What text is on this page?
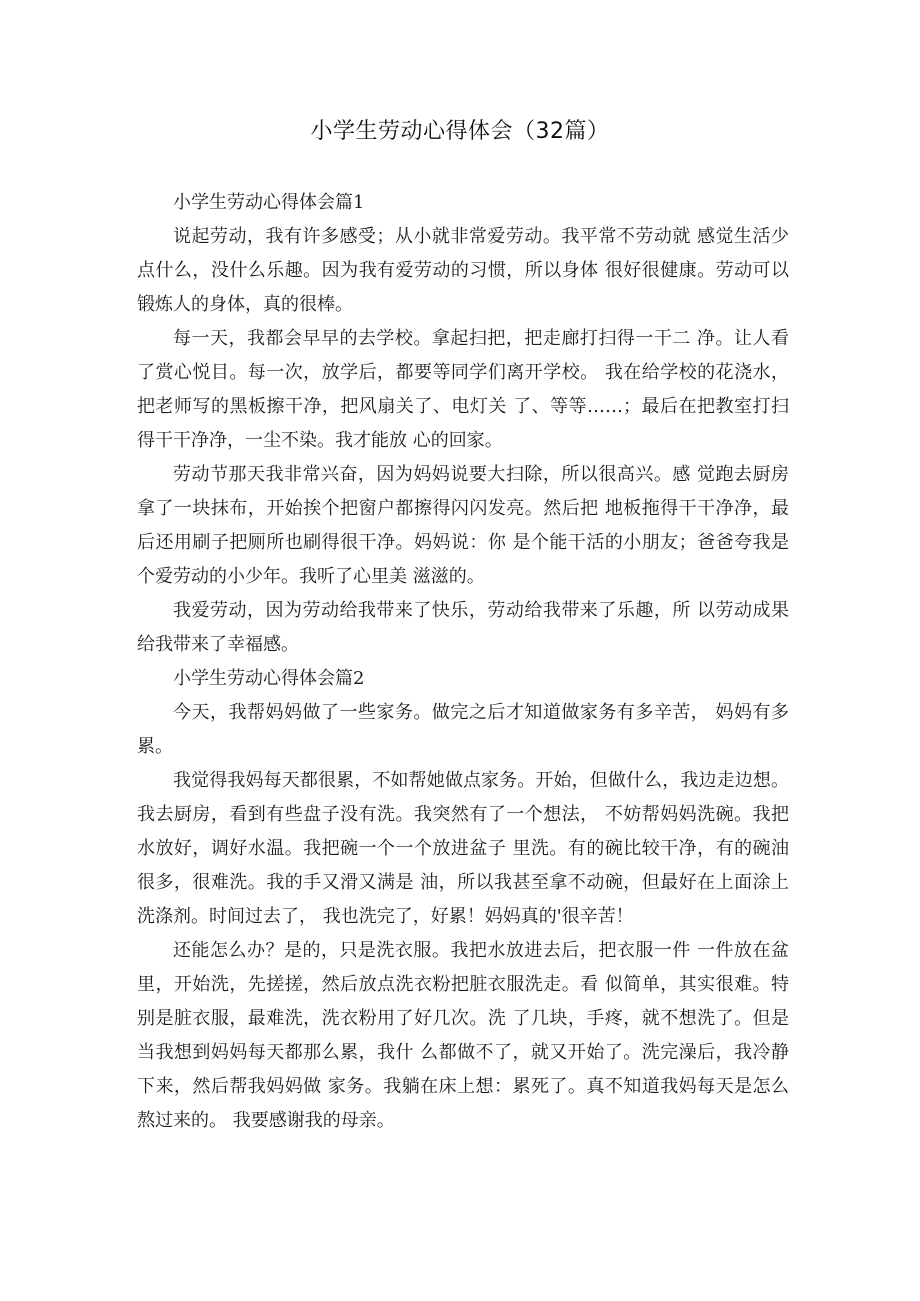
小学生劳动心得体会（32篇）

小学生劳动心得体会篇1

说起劳动，我有许多感受；从小就非常爱劳动。我平常不劳动就 感觉生活少点什么，没什么乐趣。因为我有爱劳动的习惯，所以身体 很好很健康。劳动可以锻炼人的身体，真的很棒。

每一天，我都会早早的去学校。拿起扫把，把走廊打扫得一干二 净。让人看了赏心悦目。每一次，放学后，都要等同学们离开学校。 我在给学校的花浇水，把老师写的黑板擦干净，把风扇关了、电灯关 了、等等……；最后在把教室打扫得干干净净，一尘不染。我才能放 心的回家。

劳动节那天我非常兴奋，因为妈妈说要大扫除，所以很高兴。感 觉跑去厨房拿了一块抹布，开始挨个把窗户都擦得闪闪发亮。然后把 地板拖得干干净净，最后还用刷子把厕所也刷得很干净。妈妈说：你 是个能干活的小朋友；爸爸夸我是个爱劳动的小少年。我听了心里美 滋滋的。

我爱劳动，因为劳动给我带来了快乐，劳动给我带来了乐趣，所 以劳动成果给我带来了幸福感。

小学生劳动心得体会篇2

今天，我帮妈妈做了一些家务。做完之后才知道做家务有多辛苦， 妈妈有多累。

我觉得我妈每天都很累，不如帮她做点家务。开始，但做什么，我边走边想。我去厨房，看到有些盘子没有洗。我突然有了一个想法， 不妨帮妈妈洗碗。我把水放好，调好水温。我把碗一个一个放进盆子 里洗。有的碗比较干净，有的碗油很多，很难洗。我的手又滑又满是 油，所以我甚至拿不动碗，但最好在上面涂上洗涤剂。时间过去了， 我也洗完了，好累！妈妈真的'很辛苦！

还能怎么办？是的，只是洗衣服。我把水放进去后，把衣服一件 一件放在盆里，开始洗，先搓搓，然后放点洗衣粉把脏衣服洗走。看 似简单，其实很难。特别是脏衣服，最难洗，洗衣粉用了好几次。洗 了几块，手疼，就不想洗了。但是当我想到妈妈每天都那么累，我什 么都做不了，就又开始了。洗完澡后，我冷静下来，然后帮我妈妈做 家务。我躺在床上想：累死了。真不知道我妈每天是怎么熬过来的。 我要感谢我的母亲。
